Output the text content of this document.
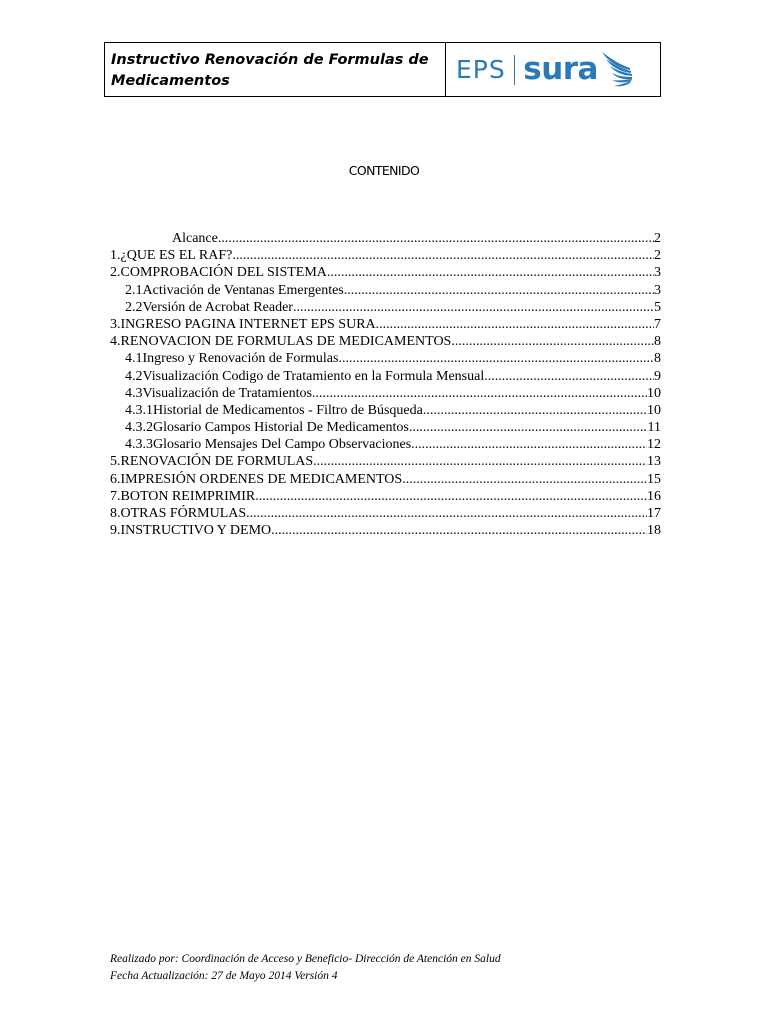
Instructivo Renovación de Formulas de
Medicamentos	EPS sura
CONTENIDO
Alcance .....	2
1.¿QUE ES EL RAF? .....	2
2.COMPROBACIÓN DEL SISTEMA .....	3
2.1Activación de Ventanas Emergentes .....	3
2.2Versión de Acrobat Reader .....	5
3.INGRESO PAGINA INTERNET EPS SURA .....	7
4.RENOVACION DE FORMULAS DE MEDICAMENTOS .....	8
4.1Ingreso y Renovación de Formulas .....	8
4.2Visualización Codigo de Tratamiento en la Formula Mensual .....	9
4.3Visualización de Tratamientos .....	10
4.3.1Historial de Medicamentos - Filtro de Búsqueda .....	10
4.3.2Glosario Campos Historial De Medicamentos .....	11
4.3.3Glosario Mensajes Del Campo Observaciones .....	12
5.RENOVACIÓN DE FORMULAS .....	13
6.IMPRESIÓN ORDENES DE MEDICAMENTOS .....	15
7.BOTON REIMPRIMIR .....	16
8.OTRAS FÓRMULAS .....	17
9.INSTRUCTIVO Y DEMO .....	18
Realizado por: Coordinación de Acceso y Beneficio- Dirección de Atención en Salud
Fecha Actualización: 27 de Mayo 2014 Versión 4
